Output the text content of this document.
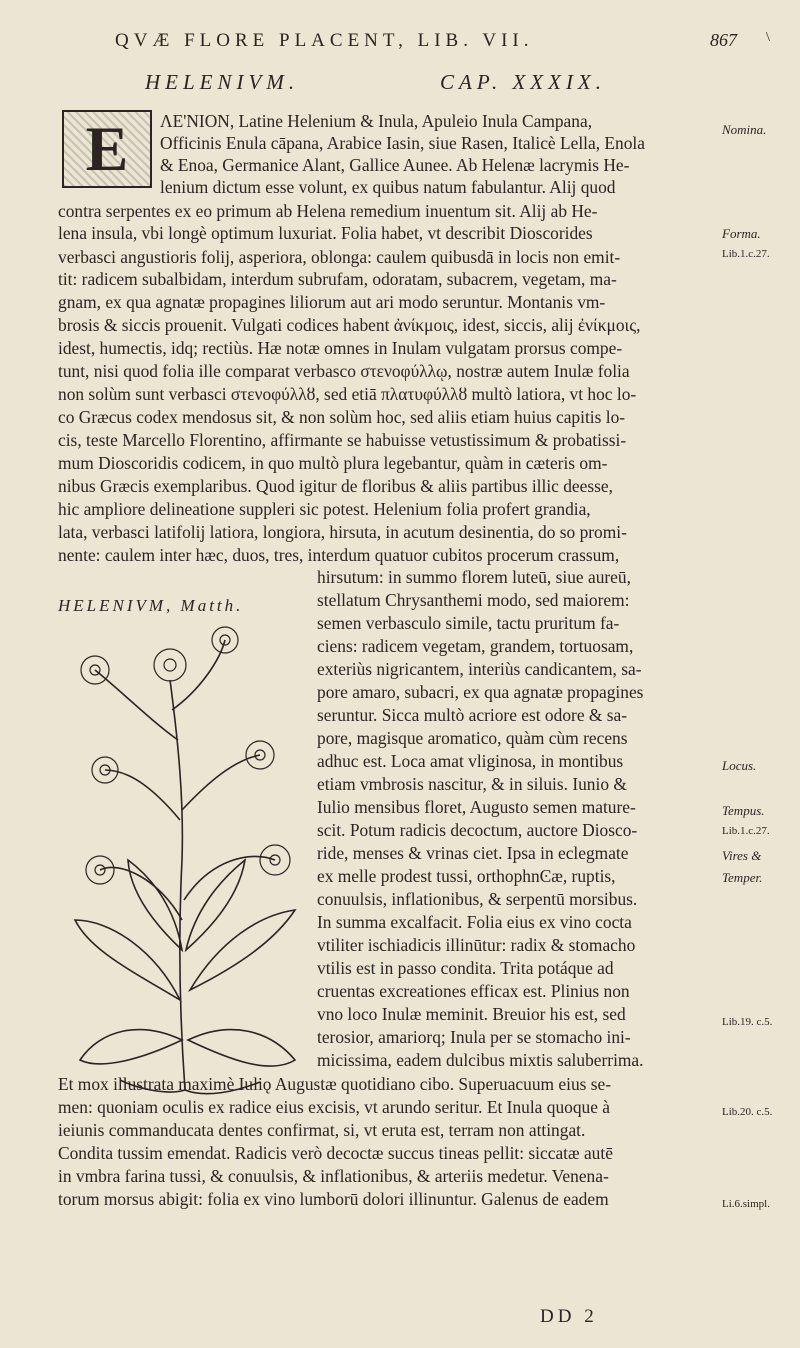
QVÆ FLORE PLACENT, LIB. VII.	867 \
HELENIVM.	CAP. XXXIX.
E	ΛΕ'ΝΙΟΝ, Latine Helenium & Inula, Apuleio Inula Campana,
Officinis Enula cāpana, Arabice Iasin, siue Rasen, Italicè Lella, Enola
& Enoa, Germanice Alant, Gallice Aunee. Ab Helenæ lacrymis He-
lenium dictum esse volunt, ex quibus natum fabulantur. Alij quod
contra serpentes ex eo primum ab Helena remedium inuentum sit. Alij ab He-
lena insula, vbi longè optimum luxuriat. Folia habet, vt describit Dioscorides
verbasci angustioris folij, asperiora, oblonga: caulem quibusdā in locis non emit-
tit: radicem subalbidam, interdum subrufam, odoratam, subacrem, vegetam, ma-
gnam, ex qua agnatæ propagines liliorum aut ari modo seruntur. Montanis vm-
brosis & siccis prouenit. Vulgati codices habent ἀνίκμοις, idest, siccis, alij ἐνίκμοις,
idest, humectis, idq; rectiùs. Hæ notæ omnes in Inulam vulgatam prorsus compe-
tunt, nisi quod folia ille comparat verbasco στενοφύλλῳ, nostræ autem Inulæ folia
non solùm sunt verbasci στενοφύλλȣ, sed etiā πλατυφύλλȣ multò latiora, vt hoc lo-
co Græcus codex mendosus sit, & non solùm hoc, sed aliis etiam huius capitis lo-
cis, teste Marcello Florentino, affirmante se habuisse vetustissimum & probatissi-
mum Dioscoridis codicem, in quo multò plura legebantur, quàm in cæteris om-
nibus Græcis exemplaribus. Quod igitur de floribus & aliis partibus illic deesse,
hic ampliore delineatione suppleri sic potest. Helenium folia profert grandia,
lata, verbasci latifolij latiora, longiora, hirsuta, in acutum desinentia, do so promi-
nente: caulem inter hæc, duos, tres, interdum quatuor cubitos procerum crassum,
hirsutum: in summo florem luteū, siue aureū,
stellatum Chrysanthemi modo, sed maiorem:
semen verbasculo simile, tactu pruritum fa-
ciens: radicem vegetam, grandem, tortuosam,
exteriùs nigricantem, interiùs candicantem, sa-
pore amaro, subacri, ex qua agnatæ propagines
seruntur. Sicca multò acriore est odore & sa-
pore, magisque aromatico, quàm cùm recens
adhuc est. Loca amat vliginosa, in montibus
etiam vmbrosis nascitur, & in siluis. Iunio &
Iulio mensibus floret, Augusto semen mature-
scit. Potum radicis decoctum, auctore Diosco-
ride, menses & vrinas ciet. Ipsa in eclegmate
ex melle prodest tussi, orthophnϾæ, ruptis,
conuulsis, inflationibus, & serpentū morsibus.
In summa excalfacit. Folia eius ex vino cocta
vtiliter ischiadicis illinūtur: radix & stomacho
vtilis est in passo condita. Trita potáque ad
cruentas excreationes efficax est. Plinius non
vno loco Inulæ meminit. Breuior his est, sed
terosior, amariorq; Inula per se stomacho ini-
micissima, eadem dulcibus mixtis saluberrima.
Et mox illustrata maximè Iuliǫ Augustæ quotidiano cibo. Superuacuum eius se-
men: quoniam oculis ex radice eius excisis, vt arundo seritur. Et Inula quoque à
ieiunis commanducata dentes confirmat, si, vt eruta est, terram non attingat.
Condita tussim emendat. Radicis verò decoctæ succus tineas pellit: siccatæ autē
in vmbra farina tussi, & conuulsis, & inflationibus, & arteriis medetur. Venena-
torum morsus abigit: folia ex vino lumborū dolori illinuntur. Galenus de eadem
Nomina.
Forma.
Lib.1.c.27.
Locus.
Tempus.
Lib.1.c.27.
Vires &
Temper.
Lib.19. c.5.
Lib.20. c.5.
Li.6.simpl.
HELENIVM, Matth.
DD 2
